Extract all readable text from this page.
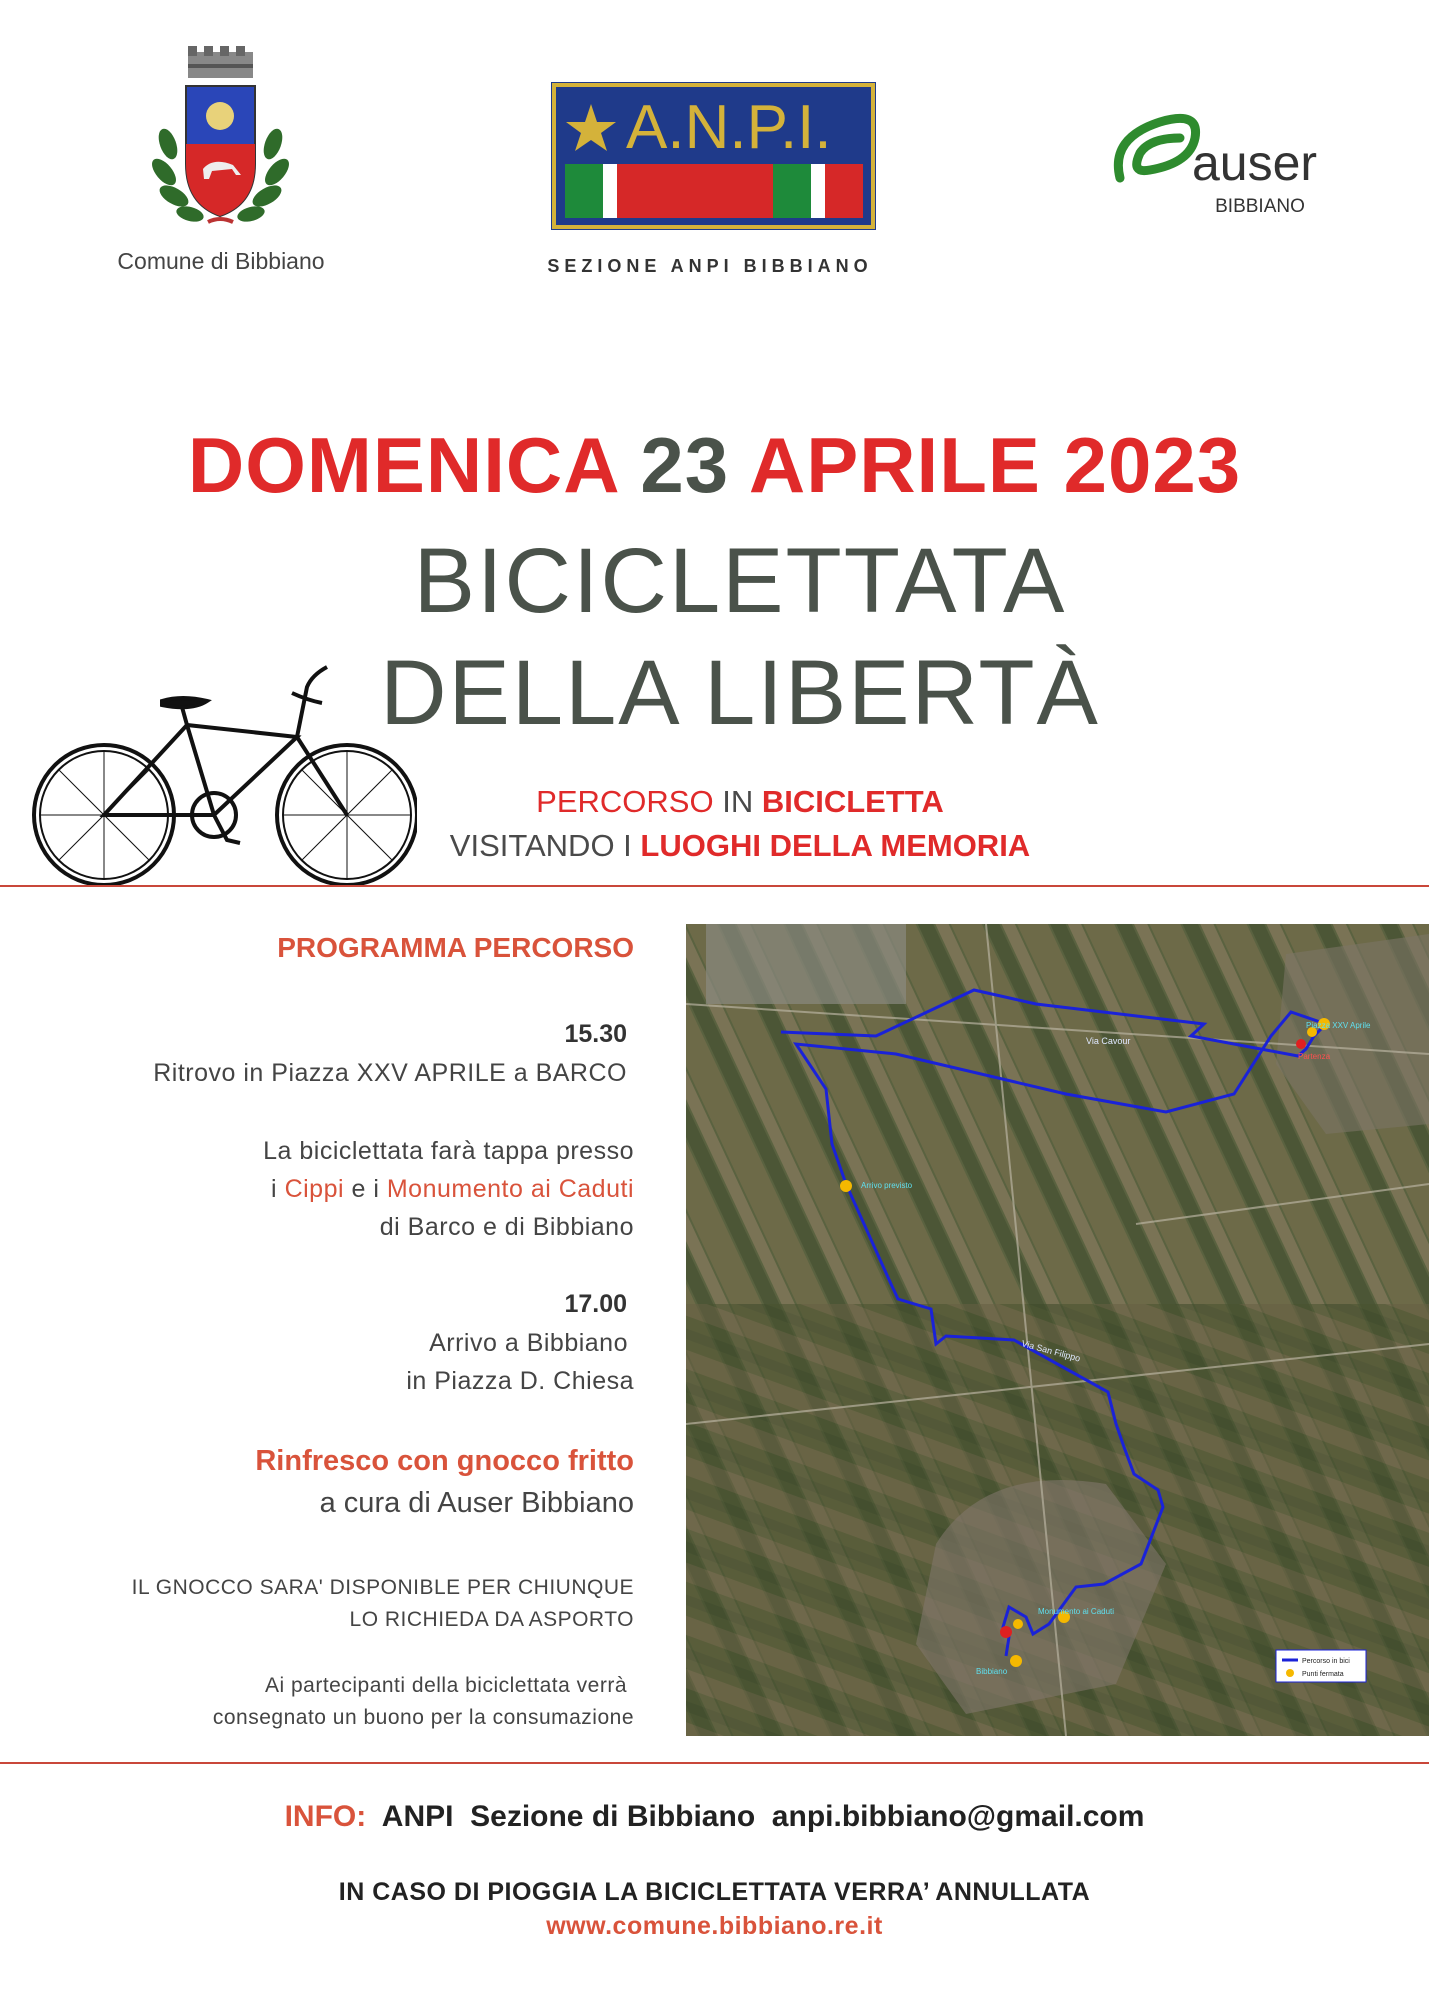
Comune di Bibbiano
A.N.P.I.
SEZIONE ANPI BIBBIANO
auser
BIBBIANO
DOMENICA 23 APRILE 2023
BICICLETTATA
DELLA LIBERTÀ
PERCORSO IN BICICLETTA
VISITANDO I LUOGHI DELLA MEMORIA
PROGRAMMA PERCORSO
15.30
Ritrovo in Piazza XXV APRILE a BARCO
La biciclettata farà tappa presso
i Cippi e i Monumento ai Caduti
di Barco e di Bibbiano
17.00
Arrivo a Bibbiano
in Piazza D. Chiesa
Rinfresco con gnocco fritto
a cura di Auser Bibbiano
IL GNOCCO SARA' DISPONIBLE PER CHIUNQUE
LO RICHIEDA DA ASPORTO
Ai partecipanti della biciclettata verrà
consegnato un buono per la consumazione
Via Cavour
Via San Filippo
Arrivo previsto
Piazza XXV Aprile
Monumento ai Caduti
Bibbiano
Partenza
Percorso in bici
Punti fermata
INFO: ANPI  Sezione di Bibbiano  anpi.bibbiano@gmail.com
IN CASO DI PIOGGIA LA BICICLETTATA VERRA’ ANNULLATA
www.comune.bibbiano.re.it
